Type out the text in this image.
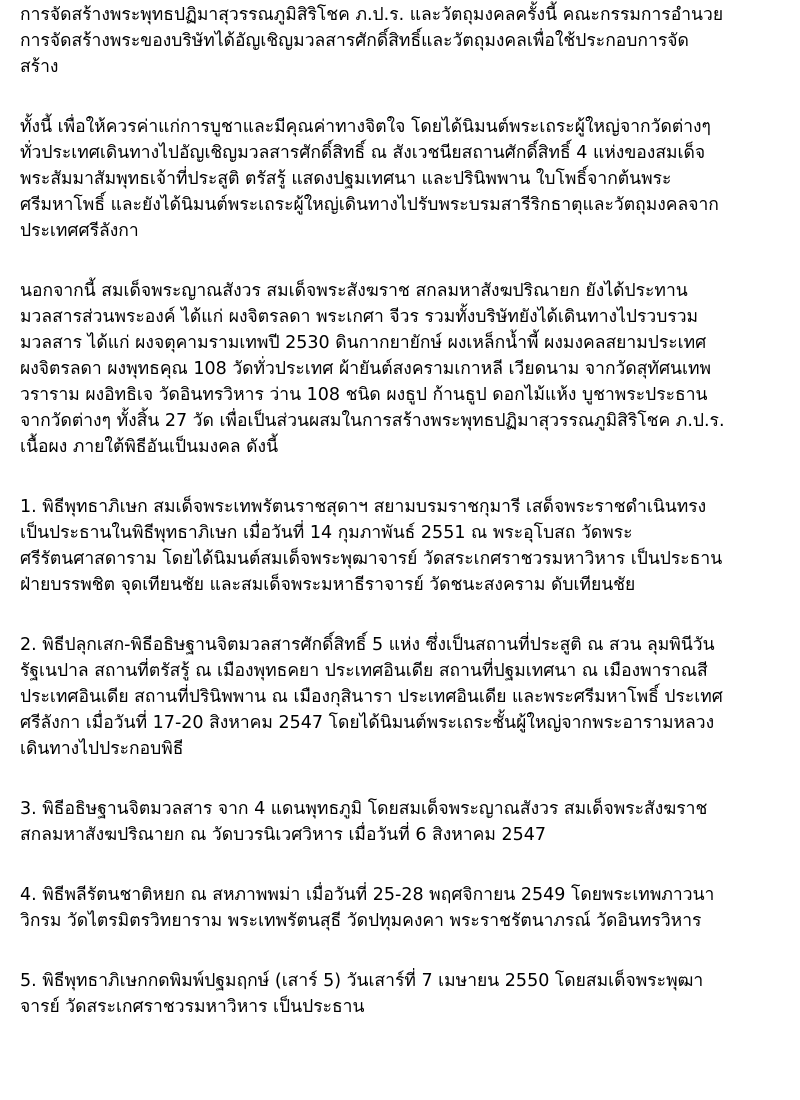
การจัดสร้างพระพุทธปฏิมาสุวรรณภูมิสิริโชค ภ.ป.ร. และวัตถุมงคลครั้งนี้ คณะกรรมการอำนวย
การจัดสร้างพระของบริษัทได้อัญเชิญมวลสารศักดิ์สิทธิ์และวัตถุมงคลเพื่อใช้ประกอบการจัด
สร้าง

ทั้งนี้ เพื่อให้ควรค่าแก่การบูชาและมีคุณค่าทางจิตใจ โดยได้นิมนต์พระเถระผู้ใหญ่จากวัดต่างๆ
ทั่วประเทศเดินทางไปอัญเชิญมวลสารศักดิ์สิทธิ์ ณ สังเวชนียสถานศักดิ์สิทธิ์ 4 แห่งของสมเด็จ
พระสัมมาสัมพุทธเจ้าที่ประสูติ ตรัสรู้ แสดงปฐมเทศนา และปรินิพพาน ใบโพธิ์จากต้นพระ
ศรีมหาโพธิ์ และยังได้นิมนต์พระเถระผู้ใหญ่เดินทางไปรับพระบรมสารีริกธาตุและวัตถุมงคลจาก
ประเทศศรีลังกา

นอกจากนี้ สมเด็จพระญาณสังวร สมเด็จพระสังฆราช สกลมหาสังฆปริณายก ยังได้ประทาน
มวลสารส่วนพระองค์ ได้แก่ ผงจิตรลดา พระเกศา จีวร รวมทั้งบริษัทยังได้เดินทางไปรวบรวม
มวลสาร ได้แก่ ผงจตุคามรามเทพปี 2530 ดินกากยายักษ์ ผงเหล็กน้ำพี้ ผงมงคลสยามประเทศ
ผงจิตรลดา ผงพุทธคุณ 108 วัดทั่วประเทศ ผ้ายันต์สงครามเกาหลี เวียดนาม จากวัดสุทัศนเทพ
วราราม ผงอิทธิเจ วัดอินทรวิหาร ว่าน 108 ชนิด ผงธูป ก้านธูป ดอกไม้แห้ง บูชาพระประธาน
จากวัดต่างๆ ทั้งสิ้น 27 วัด เพื่อเป็นส่วนผสมในการสร้างพระพุทธปฏิมาสุวรรณภูมิสิริโชค ภ.ป.ร.
เนื้อผง ภายใต้พิธีอันเป็นมงคล ดังนี้

1. พิธีพุทธาภิเษก สมเด็จพระเทพรัตนราชสุดาฯ สยามบรมราชกุมารี เสด็จพระราชดำเนินทรง
เป็นประธานในพิธีพุทธาภิเษก เมื่อวันที่ 14 กุมภาพันธ์ 2551 ณ พระอุโบสถ วัดพระ
ศรีรัตนศาสดาราม โดยได้นิมนต์สมเด็จพระพุฒาจารย์ วัดสระเกศราชวรมหาวิหาร เป็นประธาน
ฝ่ายบรรพชิต จุดเทียนชัย และสมเด็จพระมหาธีราจารย์ วัดชนะสงคราม ดับเทียนชัย

2. พิธีปลุกเสก-พิธีอธิษฐานจิตมวลสารศักดิ์สิทธิ์ 5 แห่ง ซึ่งเป็นสถานที่ประสูติ ณ สวน ลุมพินีวัน
รัฐเนปาล สถานที่ตรัสรู้ ณ เมืองพุทธคยา ประเทศอินเดีย สถานที่ปฐมเทศนา ณ เมืองพาราณสี
ประเทศอินเดีย สถานที่ปรินิพพาน ณ เมืองกุสินารา ประเทศอินเดีย และพระศรีมหาโพธิ์ ประเทศ
ศรีลังกา เมื่อวันที่ 17-20 สิงหาคม 2547 โดยได้นิมนต์พระเถระชั้นผู้ใหญ่จากพระอารามหลวง
เดินทางไปประกอบพิธี

3. พิธีอธิษฐานจิตมวลสาร จาก 4 แดนพุทธภูมิ โดยสมเด็จพระญาณสังวร สมเด็จพระสังฆราช
สกลมหาสังฆปริณายก ณ วัดบวรนิเวศวิหาร เมื่อวันที่ 6 สิงหาคม 2547

4. พิธีพลีรัตนชาติหยก ณ สหภาพพม่า เมื่อวันที่ 25-28 พฤศจิกายน 2549 โดยพระเทพภาวนา
วิกรม วัดไตรมิตรวิทยาราม พระเทพรัตนสุธี วัดปทุมคงคา พระราชรัตนาภรณ์ วัดอินทรวิหาร

5. พิธีพุทธาภิเษกกดพิมพ์ปฐมฤกษ์ (เสาร์ 5) วันเสาร์ที่ 7 เมษายน 2550 โดยสมเด็จพระพุฒา
จารย์ วัดสระเกศราชวรมหาวิหาร เป็นประธาน
